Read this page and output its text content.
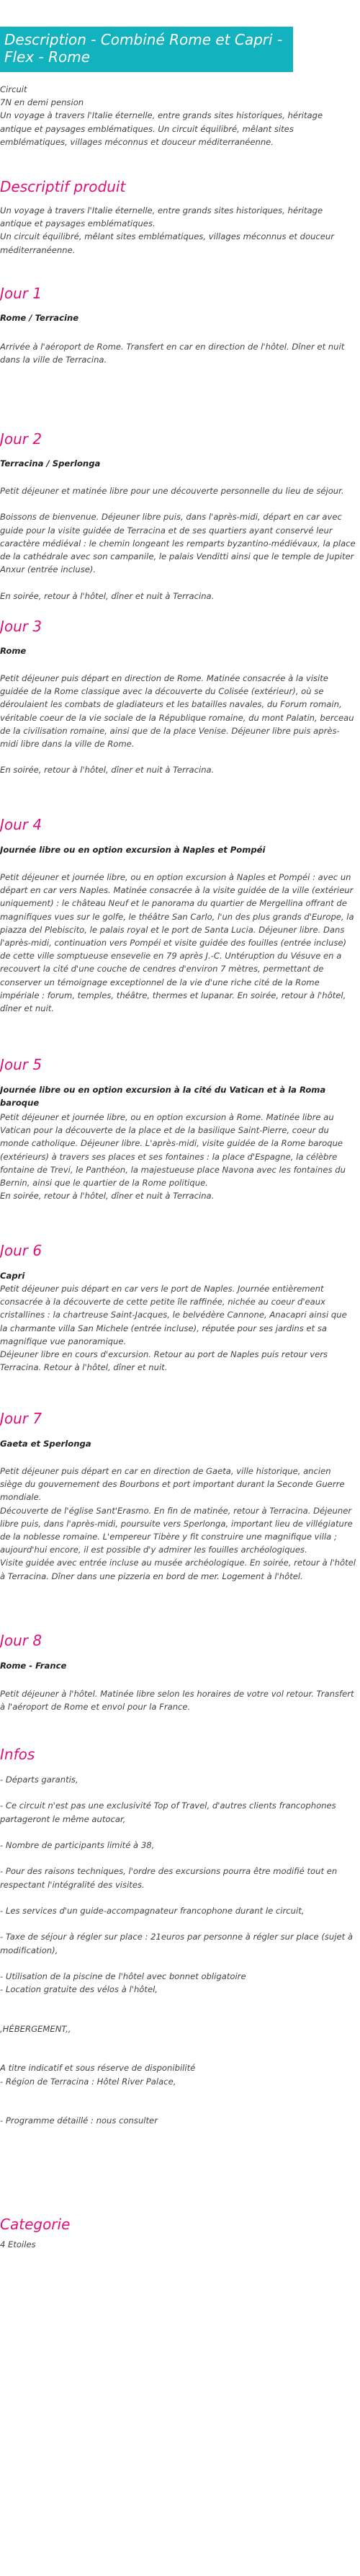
Description - Combiné Rome et Capri - Flex - Rome
Circuit
7N en demi pension
Un voyage à travers l'Italie éternelle, entre grands sites historiques, héritage antique et paysages emblématiques. Un circuit équilibré, mêlant sites emblématiques, villages méconnus et douceur méditerranéenne.
Descriptif produit
Un voyage à travers l'Italie éternelle, entre grands sites historiques, héritage antique et paysages emblématiques.
Un circuit équilibré, mêlant sites emblématiques, villages méconnus et douceur méditerranéenne.
Jour 1
Rome / Terracine
Arrivée à l'aéroport de Rome. Transfert en car en direction de l'hôtel. Dîner et nuit dans la ville de Terracina.
Jour 2
Terracina / Sperlonga
Petit déjeuner et matinée libre pour une découverte personnelle du lieu de séjour.

Boissons de bienvenue. Déjeuner libre puis, dans l'après-midi, départ en car avec guide pour la visite guidée de Terracina et de ses quartiers ayant conservé leur caractère médiéval : le chemin longeant les remparts byzantino-médiévaux, la place de la cathédrale avec son campanile, le palais Venditti ainsi que le temple de Jupiter Anxur (entrée incluse).

En soirée, retour à l'hôtel, dîner et nuit à Terracina.
Jour 3
Rome
Petit déjeuner puis départ en direction de Rome. Matinée consacrée à la visite guidée de la Rome classique avec la découverte du Colisée (extérieur), où se déroulaient les combats de gladiateurs et les batailles navales, du Forum romain, véritable coeur de la vie sociale de la République romaine, du mont Palatin, berceau de la civilisation romaine, ainsi que de la place Venise. Déjeuner libre puis après-midi libre dans la ville de Rome.

En soirée, retour à l'hôtel, dîner et nuit à Terracina.
Jour 4
Journée libre ou en option excursion à Naples et Pompéi
Petit déjeuner et journée libre, ou en option excursion à Naples et Pompéi : avec un départ en car vers Naples. Matinée consacrée à la visite guidée de la ville (extérieur uniquement) : le château Neuf et le panorama du quartier de Mergellina offrant de magnifiques vues sur le golfe, le théâtre San Carlo, l'un des plus grands d'Europe, la piazza del Plebiscito, le palais royal et le port de Santa Lucia. Déjeuner libre. Dans l'après-midi, continuation vers Pompéi et visite guidée des fouilles (entrée incluse) de cette ville somptueuse ensevelie en 79 après J.-C. Untéruption du Vésuve en a recouvert la cité d'une couche de cendres d'environ 7 mètres, permettant de conserver un témoignage exceptionnel de la vie d'une riche cité de la Rome impériale : forum, temples, théâtre, thermes et lupanar. En soirée, retour à l'hôtel, dîner et nuit.
Jour 5
Journée libre ou en option excursion à la cité du Vatican et à la Roma baroque
Petit déjeuner et journée libre, ou en option excursion à Rome. Matinée libre au Vatican pour la découverte de la place et de la basilique Saint-Pierre, coeur du monde catholique. Déjeuner libre. L'après-midi, visite guidée de la Rome baroque (extérieurs) à travers ses places et ses fontaines : la place d'Espagne, la célèbre fontaine de Trevi, le Panthéon, la majestueuse place Navona avec les fontaines du Bernin, ainsi que le quartier de la Rome politique.
En soirée, retour à l'hôtel, dîner et nuit à Terracina.
Jour 6
Capri
Petit déjeuner puis départ en car vers le port de Naples. Journée entièrement consacrée à la découverte de cette petite île raffinée, nichée au coeur d'eaux cristallines : la chartreuse Saint-Jacques, le belvédère Cannone, Anacapri ainsi que la charmante villa San Michele (entrée incluse), réputée pour ses jardins et sa magnifique vue panoramique.
Déjeuner libre en cours d'excursion. Retour au port de Naples puis retour vers Terracina. Retour à l'hôtel, dîner et nuit.
Jour 7
Gaeta et Sperlonga
Petit déjeuner puis départ en car en direction de Gaeta, ville historique, ancien siège du gouvernement des Bourbons et port important durant la Seconde Guerre mondiale.
Découverte de l'église Sant'Erasmo. En fin de matinée, retour à Terracina. Déjeuner libre puis, dans l'après-midi, poursuite vers Sperlonga, important lieu de villégiature de la noblesse romaine. L'empereur Tibère y fit construire une magnifique villa ; aujourd'hui encore, il est possible d'y admirer les fouilles archéologiques.
Visite guidée avec entrée incluse au musée archéologique. En soirée, retour à l'hôtel à Terracina. Dîner dans une pizzeria en bord de mer. Logement à l'hôtel.
Jour 8
Rome - France
Petit déjeuner à l'hôtel. Matinée libre selon les horaires de votre vol retour. Transfert à l'aéroport de Rome et envol pour la France.
Infos
- Départs garantis,

- Ce circuit n'est pas une exclusivité Top of Travel, d'autres clients francophones partageront le même autocar,

- Nombre de participants limité à 38,

- Pour des raisons techniques, l'ordre des excursions pourra être modifié tout en respectant l'intégralité des visites.

- Les services d'un guide-accompagnateur francophone durant le circuit,

- Taxe de séjour à régler sur place : 21euros par personne à régler sur place (sujet à modification),

- Utilisation de la piscine de l'hôtel avec bonnet obligatoire
- Location gratuite des vélos à l'hôtel,

,HÉBERGEMENT,,

A titre indicatif et sous réserve de disponibilité
- Région de Terracina : Hôtel River Palace,

- Programme détaillé : nous consulter
Categorie
4 Etoiles
